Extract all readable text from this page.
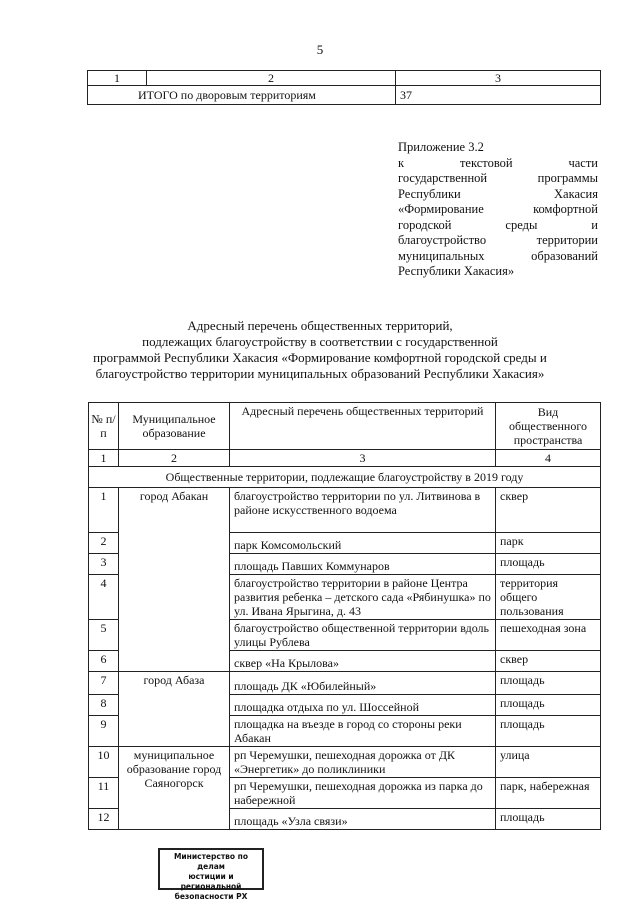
5
1	2	3
ИТОГО по дворовым территориям		37
Приложение 3.2
к текстовой части
государственной программы
Республики Хакасия
«Формирование комфортной
городской среды и
благоустройство территории
муниципальных образований
Республики Хакасия»
Адресный перечень общественных территорий,
подлежащих благоустройству в соответствии с государственной
программой Республики Хакасия «Формирование комфортной городской среды и
благоустройство территории муниципальных образований Республики Хакасия»
№ п/п	Муниципальное образование	Адресный перечень общественных территорий	Вид общественного пространства
1	2	3	4
Общественные территории, подлежащие благоустройству в 2019 году			
1	город Абакан	благоустройство территории по ул. Литвинова в районе искусственного водоема	сквер
2		парк Комсомольский	парк
3		площадь Павших Коммунаров	площадь
4		благоустройство территории в районе Центра развития ребенка – детского сада «Рябинушка» по ул. Ивана Ярыгина, д. 43	территория общего пользования
5		благоустройство общественной территории вдоль улицы Рублева	пешеходная зона
6		сквер «На Крылова»	сквер
7	город Абаза	площадь ДК «Юбилейный»	площадь
8		площадка отдыха по ул. Шоссейной	площадь
9		площадка на въезде в город со стороны реки Абакан	площадь
10	муниципальное образование город Саяногорск	рп Черемушки, пешеходная дорожка от ДК «Энергетик» до поликлиники	улица
11		рп Черемушки, пешеходная дорожка из парка до набережной	парк, набережная
12		площадь «Узла связи»	площадь
Министерство по делам
юстиции и региональной
безопасности РХ
